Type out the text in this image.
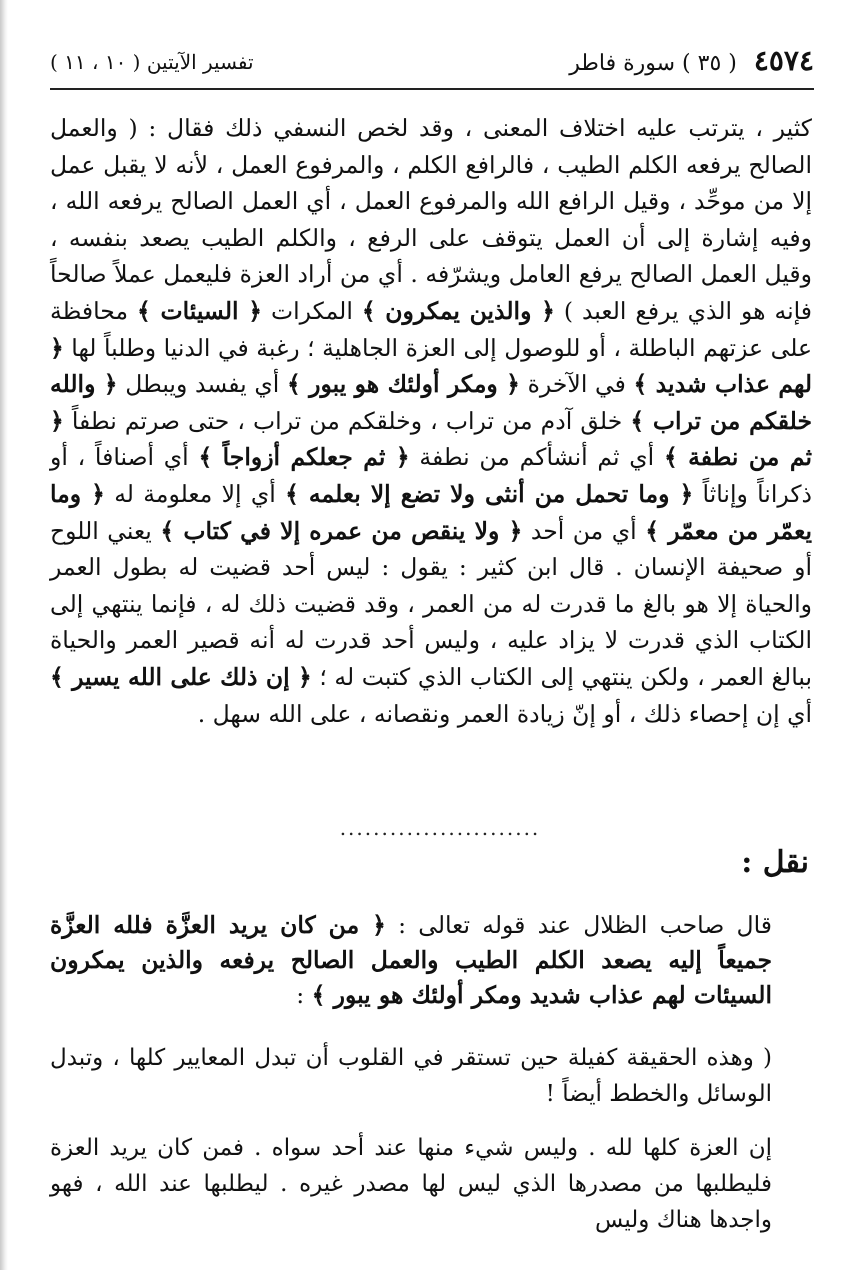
٤٥٧٤ ( ٣٥ ) سورة فاطر
تفسير الآيتين ( ١٠ ، ١١ )

كثير ، يترتب عليه اختلاف المعنى ، وقد لخص النسفي ذلك فقال : ( والعمل الصالح يرفعه الكلم الطيب ، فالرافع الكلم ، والمرفوع العمل ، لأنه لا يقبل عمل إلا من موحِّد ، وقيل الرافع الله والمرفوع العمل ، أي العمل الصالح يرفعه الله ، وفيه إشارة إلى أن العمل يتوقف على الرفع ، والكلم الطيب يصعد بنفسه ، وقيل العمل الصالح يرفع العامل ويشرّفه . أي من أراد العزة فليعمل عملاً صالحاً فإنه هو الذي يرفع العبد ) ﴿ والذين يمكرون ﴾ المكرات ﴿ السيئات ﴾ محافظة على عزتهم الباطلة ، أو للوصول إلى العزة الجاهلية ؛ رغبة في الدنيا وطلباً لها ﴿ لهم عذاب شديد ﴾ في الآخرة ﴿ ومكر أولئك هو يبور ﴾ أي يفسد ويبطل ﴿ والله خلقكم من تراب ﴾ خلق آدم من تراب ، وخلقكم من تراب ، حتى صرتم نطفاً ﴿ ثم من نطفة ﴾ أي ثم أنشأكم من نطفة ﴿ ثم جعلكم أزواجاً ﴾ أي أصنافاً ، أو ذكراناً وإناثاً ﴿ وما تحمل من أنثى ولا تضع إلا بعلمه ﴾ أي إلا معلومة له ﴿ وما يعمّر من معمّر ﴾ أي من أحد ﴿ ولا ينقص من عمره إلا في كتاب ﴾ يعني اللوح أو صحيفة الإنسان . قال ابن كثير : يقول : ليس أحد قضيت له بطول العمر والحياة إلا هو بالغ ما قدرت له من العمر ، وقد قضيت ذلك له ، فإنما ينتهي إلى الكتاب الذي قدرت لا يزاد عليه ، وليس أحد قدرت له أنه قصير العمر والحياة ببالغ العمر ، ولكن ينتهي إلى الكتاب الذي كتبت له ؛ ﴿ إن ذلك على الله يسير ﴾ أي إن إحصاء ذلك ، أو إنّ زيادة العمر ونقصانه ، على الله سهل .

........................
نقل :

قال صاحب الظلال عند قوله تعالى : ﴿ من كان يريد العزَّة فلله العزَّة جميعاً إليه يصعد الكلم الطيب والعمل الصالح يرفعه والذين يمكرون السيئات لهم عذاب شديد ومكر أولئك هو يبور ﴾ :

( وهذه الحقيقة كفيلة حين تستقر في القلوب أن تبدل المعايير كلها ، وتبدل الوسائل والخطط أيضاً !

إن العزة كلها لله . وليس شيء منها عند أحد سواه . فمن كان يريد العزة فليطلبها من مصدرها الذي ليس لها مصدر غيره . ليطلبها عند الله ، فهو واجدها هناك وليس
